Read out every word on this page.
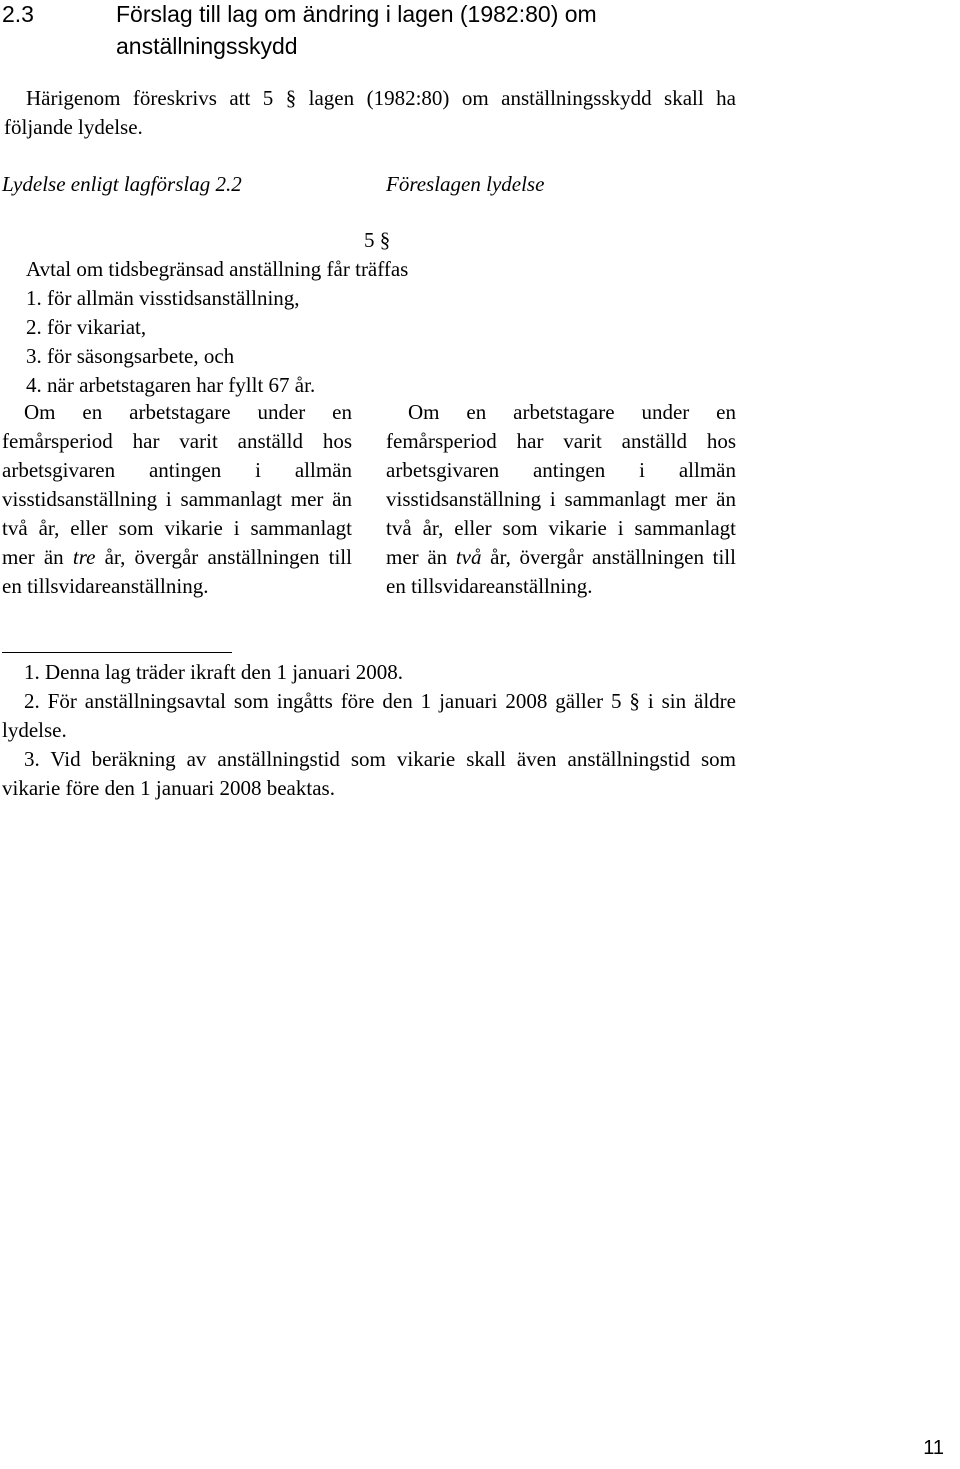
2.3	Förslag till lag om ändring i lagen (1982:80) om anställningsskydd
Härigenom föreskrivs att 5 § lagen (1982:80) om anställningsskydd skall ha följande lydelse.
Lydelse enligt lagförslag 2.2	Föreslagen lydelse
5 §
Avtal om tidsbegränsad anställning får träffas
1. för allmän visstidsanställning,
2. för vikariat,
3. för säsongsarbete, och
4. när arbetstagaren har fyllt 67 år.
Om en arbetstagare under en femårsperiod har varit anställd hos arbetsgivaren antingen i allmän visstidsanställning i sammanlagt mer än två år, eller som vikarie i sammanlagt mer än tre år, övergår anställningen till en tillsvidareanställning.
Om en arbetstagare under en femårsperiod har varit anställd hos arbetsgivaren antingen i allmän visstidsanställning i sammanlagt mer än två år, eller som vikarie i sammanlagt mer än två år, övergår anställningen till en tillsvidareanställning.
1. Denna lag träder ikraft den 1 januari 2008.
2. För anställningsavtal som ingåtts före den 1 januari 2008 gäller 5 § i sin äldre lydelse.
3. Vid beräkning av anställningstid som vikarie skall även anställningstid som vikarie före den 1 januari 2008 beaktas.
11
